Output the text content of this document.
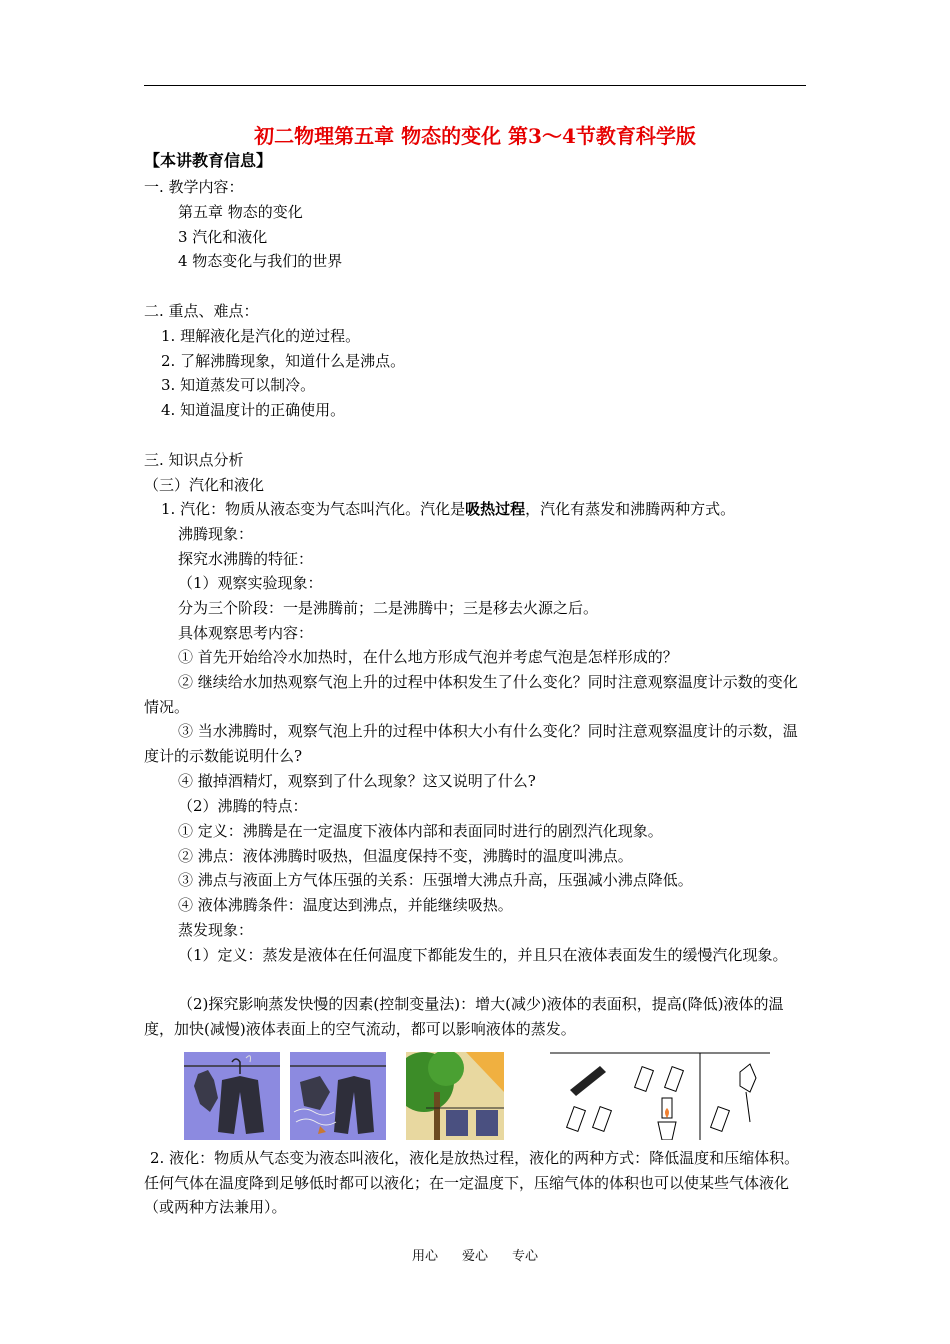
初二物理第五章 物态的变化 第3～4节教育科学版
【本讲教育信息】
一. 教学内容：
第五章 物态的变化
3 汽化和液化
4 物态变化与我们的世界
二. 重点、难点：
1. 理解液化是汽化的逆过程。
2. 了解沸腾现象，知道什么是沸点。
3. 知道蒸发可以制冷。
4. 知道温度计的正确使用。
三. 知识点分析
（三）汽化和液化
1. 汽化：物质从液态变为气态叫汽化。汽化是吸热过程，汽化有蒸发和沸腾两种方式。
沸腾现象：
探究水沸腾的特征：
（1）观察实验现象：
分为三个阶段：一是沸腾前；二是沸腾中；三是移去火源之后。
具体观察思考内容：
① 首先开始给冷水加热时，在什么地方形成气泡并考虑气泡是怎样形成的？
② 继续给水加热观察气泡上升的过程中体积发生了什么变化？同时注意观察温度计示数的变化情况。
③ 当水沸腾时，观察气泡上升的过程中体积大小有什么变化？同时注意观察温度计的示数，温度计的示数能说明什么?
④ 撤掉酒精灯，观察到了什么现象？这又说明了什么?
（2）沸腾的特点：
① 定义：沸腾是在一定温度下液体内部和表面同时进行的剧烈汽化现象。
② 沸点：液体沸腾时吸热，但温度保持不变，沸腾时的温度叫沸点。
③ 沸点与液面上方气体压强的关系：压强增大沸点升高，压强减小沸点降低。
④ 液体沸腾条件：温度达到沸点，并能继续吸热。
蒸发现象：
（1）定义：蒸发是液体在任何温度下都能发生的，并且只在液体表面发生的缓慢汽化现象。
（2)探究影响蒸发快慢的因素(控制变量法)：增大(减少)液体的表面积，提高(降低)液体的温度，加快(减慢)液体表面上的空气流动，都可以影响液体的蒸发。
2. 液化：物质从气态变为液态叫液化，液化是放热过程，液化的两种方式：降低温度和压缩体积。任何气体在温度降到足够低时都可以液化；在一定温度下，压缩气体的体积也可以使某些气体液化（或两种方法兼用）。
用心 爱心 专心
